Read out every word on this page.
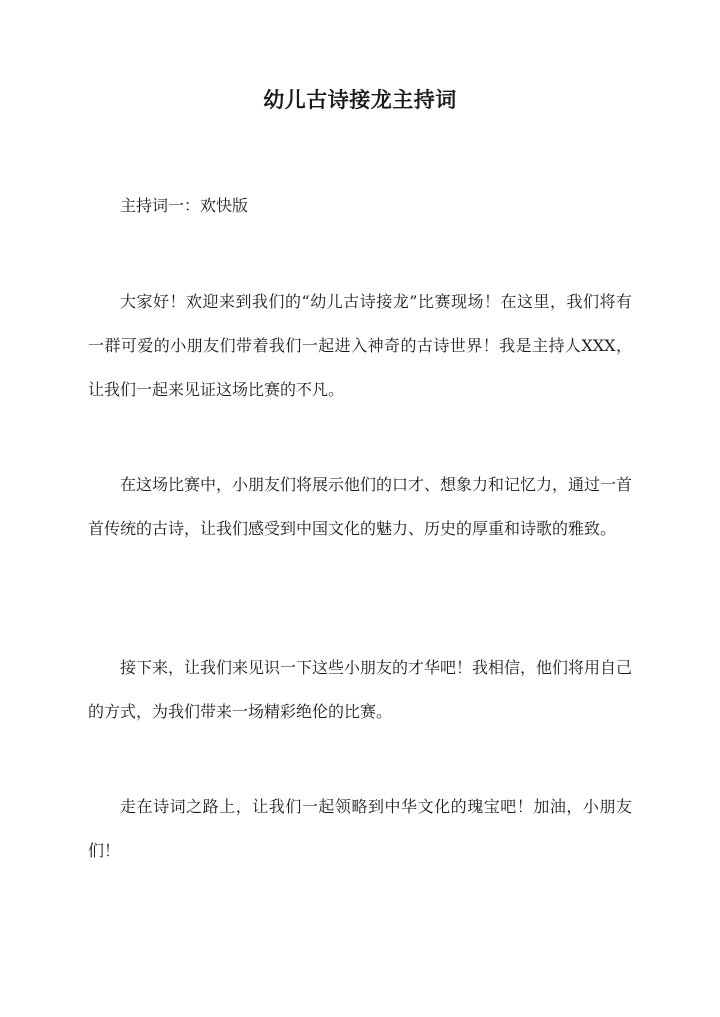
幼儿古诗接龙主持词

主持词一：欢快版

大家好！欢迎来到我们的“幼儿古诗接龙”比赛现场！在这里，我们将有一群可爱的小朋友们带着我们一起进入神奇的古诗世界！我是主持人XXX，让我们一起来见证这场比赛的不凡。

在这场比赛中，小朋友们将展示他们的口才、想象力和记忆力，通过一首首传统的古诗，让我们感受到中国文化的魅力、历史的厚重和诗歌的雅致。

接下来，让我们来见识一下这些小朋友的才华吧！我相信，他们将用自己的方式，为我们带来一场精彩绝伦的比赛。

走在诗词之路上，让我们一起领略到中华文化的瑰宝吧！加油，小朋友们！
